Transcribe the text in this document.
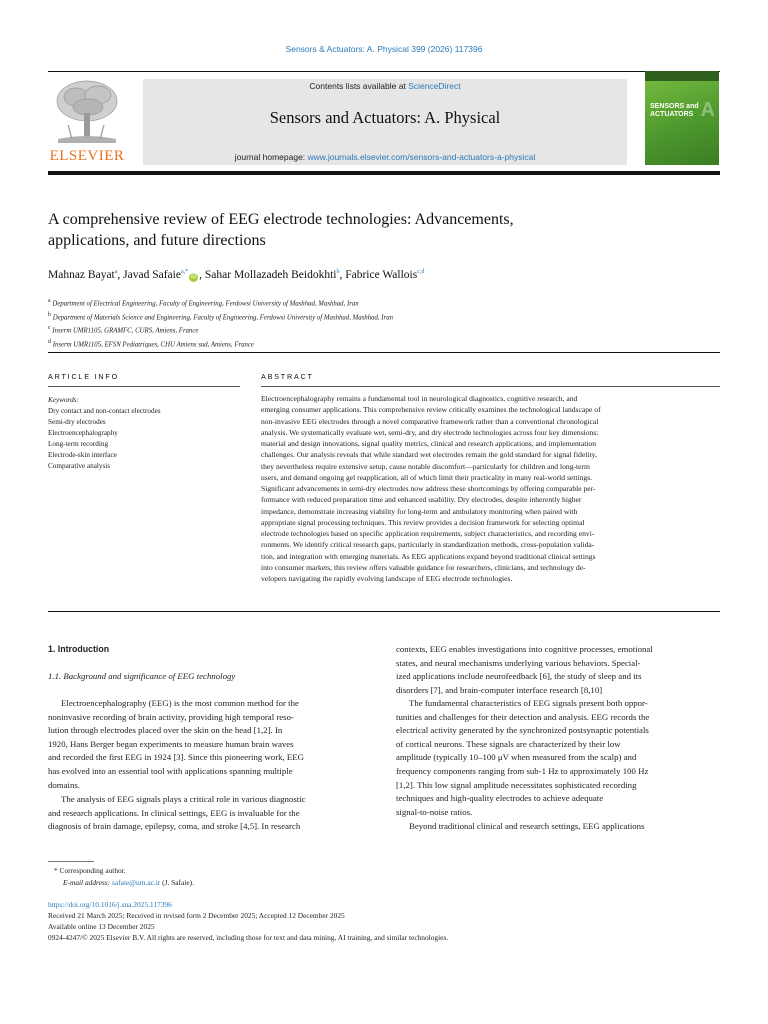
Sensors & Actuators: A. Physical 399 (2026) 117396
ELSEVIER
Contents lists available at ScienceDirect
Sensors and Actuators: A. Physical
journal homepage: www.journals.elsevier.com/sensors-and-actuators-a-physical
SENSORS and
ACTUATORS A
A comprehensive review of EEG electrode technologies: Advancements,
applications, and future directions
Mahnaz Bayat$^a$, Javad Safaie$^{a,*}$iD , Sahar Mollazadeh Beidokhti$^b$, Fabrice Wallois$^{c,d}$
$^a$ Department of Electrical Engineering, Faculty of Engineering, Ferdowsi University of Mashhad, Mashhad, Iran
$^b$ Department of Materials Science and Engineering, Faculty of Engineering, Ferdowsi University of Mashhad, Mashhad, Iran
$^c$ Inserm UMR1105, GRAMFC, CURS, Amiens, France
$^d$ Inserm UMR1105, EFSN Pediatriques, CHU Amiens sud, Amiens, France
ARTICLE INFO
Keywords:
Dry contact and non-contact electrodes
Semi-dry electrodes
Electroencephalography
Long-term recording
Electrode-skin interface
Comparative analysis
ABSTRACT
Electroencephalography remains a fundamental tool in neurological diagnostics, cognitive research, and
emerging consumer applications. This comprehensive review critically examines the technological landscape of
non-invasive EEG electrodes through a novel comparative framework rather than a conventional chronological
analysis. We systematically evaluate wet, semi-dry, and dry electrode technologies across four key dimensions:
material and design innovations, signal quality metrics, clinical and research applications, and implementation
challenges. Our analysis reveals that while standard wet electrodes remain the gold standard for signal fidelity,
they nevertheless require extensive setup, cause notable discomfort—particularly for children and long-term
users, and demand ongoing gel reapplication, all of which limit their practicality in many real-world settings.
Significant advancements in semi-dry electrodes now address these shortcomings by offering comparable per-
formance with reduced preparation time and enhanced usability. Dry electrodes, despite inherently higher
impedance, demonstrate increasing viability for long-term and ambulatory monitoring when paired with
appropriate signal processing techniques. This review provides a decision framework for selecting optimal
electrode technologies based on specific application requirements, subject characteristics, and recording envi-
ronments. We identify critical research gaps, particularly in standardization methods, cross-population valida-
tion, and integration with emerging materials. As EEG applications expand beyond traditional clinical settings
into consumer markets, this review offers valuable guidance for researchers, clinicians, and technology de-
velopers navigating the rapidly evolving landscape of EEG electrode technologies.
1. Introduction
1.1. Background and significance of EEG technology
Electroencephalography (EEG) is the most common method for the
noninvasive recording of brain activity, providing high temporal reso-
lution through electrodes placed over the skin on the head [1,2]. In
1920, Hans Berger began experiments to measure human brain waves
and recorded the first EEG in 1924 [3]. Since this pioneering work, EEG
has evolved into an essential tool with applications spanning multiple
domains.
The analysis of EEG signals plays a critical role in various diagnostic
and research applications. In clinical settings, EEG is invaluable for the
diagnosis of brain damage, epilepsy, coma, and stroke [4,5]. In research
contexts, EEG enables investigations into cognitive processes, emotional
states, and neural mechanisms underlying various behaviors. Special-
ized applications include neurofeedback [6], the study of sleep and its
disorders [7], and brain-computer interface research [8,10]
The fundamental characteristics of EEG signals present both oppor-
tunities and challenges for their detection and analysis. EEG records the
electrical activity generated by the synchronized postsynaptic potentials
of cortical neurons. These signals are characterized by their low
amplitude (typically 10–100 μV when measured from the scalp) and
frequency components ranging from sub-1 Hz to approximately 100 Hz
[1,2]. This low signal amplitude necessitates sophisticated recording
techniques and high-quality electrodes to achieve adequate
signal-to-noise ratios.
Beyond traditional clinical and research settings, EEG applications
* Corresponding author.
E-mail address: safaie@um.ac.ir (J. Safaie).
https://doi.org/10.1016/j.sna.2025.117396
Received 21 March 2025; Received in revised form 2 December 2025; Accepted 12 December 2025
Available online 13 December 2025
0924-4247/© 2025 Elsevier B.V. All rights are reserved, including those for text and data mining, AI training, and similar technologies.
